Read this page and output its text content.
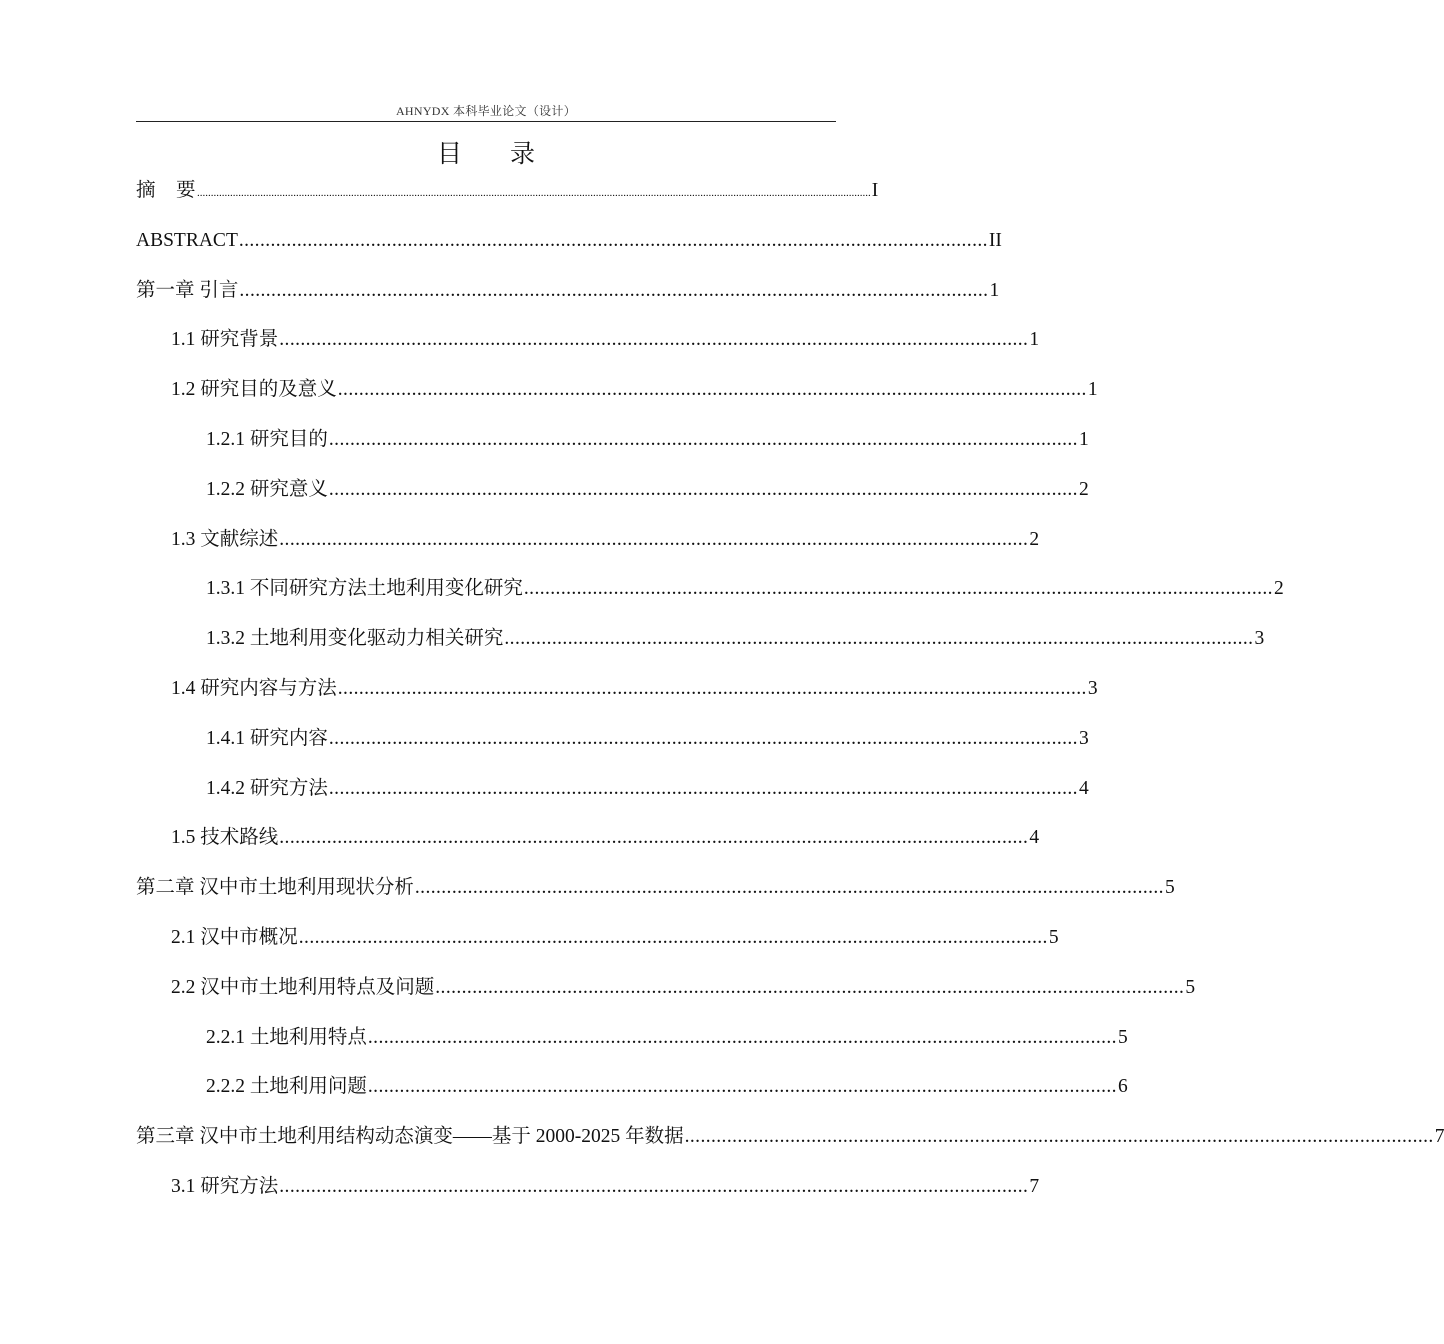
AHNYDX 本科毕业论文（设计）
目 录
摘　要 ..................................................................................................................................................................................................................................................... I
ABSTRACT .............................................................................................................................................. II
第一章 引言 .............................................................................................................................................. 1
1.1 研究背景 .............................................................................................................................................. 1
1.2 研究目的及意义 .............................................................................................................................................. 1
1.2.1 研究目的 .............................................................................................................................................. 1
1.2.2 研究意义 .............................................................................................................................................. 2
1.3 文献综述 .............................................................................................................................................. 2
1.3.1 不同研究方法土地利用变化研究 .............................................................................................................................................. 2
1.3.2 土地利用变化驱动力相关研究 .............................................................................................................................................. 3
1.4 研究内容与方法 .............................................................................................................................................. 3
1.4.1 研究内容 .............................................................................................................................................. 3
1.4.2 研究方法 .............................................................................................................................................. 4
1.5 技术路线 .............................................................................................................................................. 4
第二章 汉中市土地利用现状分析 .............................................................................................................................................. 5
2.1 汉中市概况 .............................................................................................................................................. 5
2.2 汉中市土地利用特点及问题 .............................................................................................................................................. 5
2.2.1 土地利用特点 .............................................................................................................................................. 5
2.2.2 土地利用问题 .............................................................................................................................................. 6
第三章 汉中市土地利用结构动态演变——基于 2000-2025 年数据 .............................................................................................................................................. 7
3.1 研究方法 .............................................................................................................................................. 7
